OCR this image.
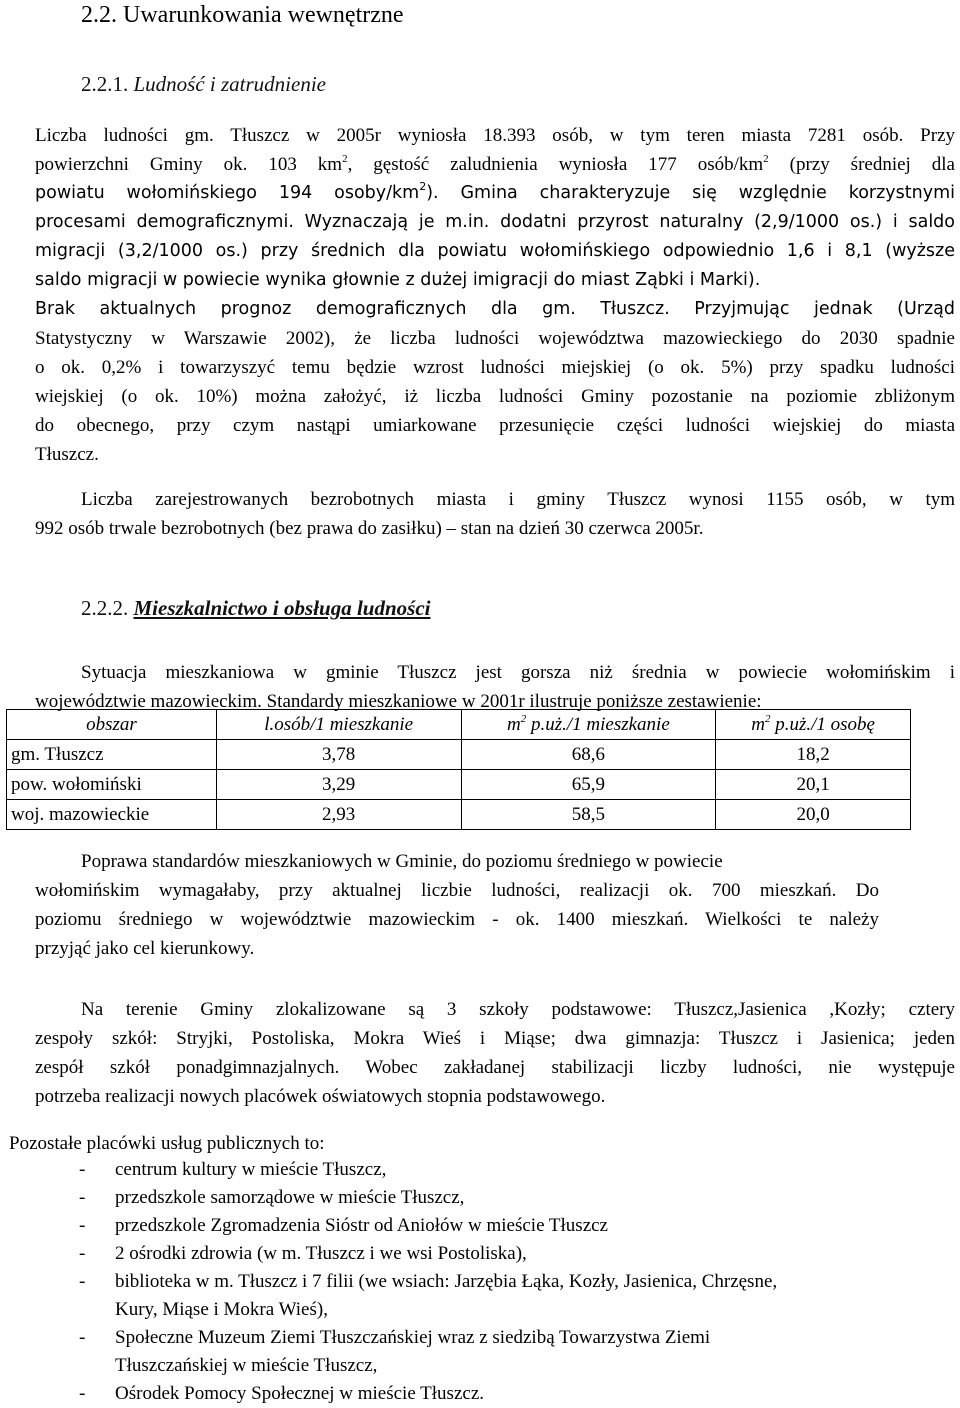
2.2. Uwarunkowania wewnętrzne
2.2.1. Ludność i zatrudnienie
Liczba ludności gm. Tłuszcz w 2005r wyniosła 18.393 osób, w tym teren miasta 7281 osób. Przy
powierzchni Gminy ok. 103 $km^2$, gęstość zaludnienia wyniosła 177 osób/$km^2$ (przy średniej dla
powiatu wołomińskiego 194 osoby/$km^2$). Gmina charakteryzuje się względnie korzystnymi
procesami demograficznymi. Wyznaczają je m.in. dodatni przyrost naturalny (2,9/1000 os.) i saldo
migracji (3,2/1000 os.) przy średnich dla powiatu wołomińskiego odpowiednio 1,6 i 8,1 (wyższe
saldo migracji w powiecie wynika głownie z dużej imigracji do miast Ząbki i Marki).
Brak aktualnych prognoz demograficznych dla gm. Tłuszcz. Przyjmując jednak (Urząd
Statystyczny w Warszawie 2002), że liczba ludności województwa mazowieckiego do 2030 spadnie
o ok. 0,2% i towarzyszyć temu będzie wzrost ludności miejskiej (o ok. 5%) przy spadku ludności
wiejskiej (o ok. 10%) można założyć, iż liczba ludności Gminy pozostanie na poziomie zbliżonym
do obecnego, przy czym nastąpi umiarkowane przesunięcie części ludności wiejskiej do miasta
Tłuszcz.
Liczba zarejestrowanych bezrobotnych miasta i gminy Tłuszcz wynosi 1155 osób, w tym
992 osób trwale bezrobotnych (bez prawa do zasiłku) – stan na dzień 30 czerwca 2005r.
2.2.2. Mieszkalnictwo i obsługa ludności
Sytuacja mieszkaniowa w gminie Tłuszcz jest gorsza niż średnia w powiecie wołomińskim i
województwie mazowieckim. Standardy mieszkaniowe w 2001r ilustruje poniższe zestawienie:
obszar	l.osób/1 mieszkanie	$m^2$ p.uż./1 mieszkanie	$m^2$ p.uż./1 osobę
gm. Tłuszcz	3,78	68,6	18,2
pow. wołomiński	3,29	65,9	20,1
woj. mazowieckie	2,93	58,5	20,0
Poprawa standardów mieszkaniowych w Gminie, do poziomu średniego w powiecie
wołomińskim wymagałaby, przy aktualnej liczbie ludności, realizacji ok. 700 mieszkań. Do
poziomu średniego w województwie mazowieckim - ok. 1400 mieszkań. Wielkości te należy
przyjąć jako cel kierunkowy.
Na terenie Gminy zlokalizowane są 3 szkoły podstawowe: Tłuszcz,Jasienica ,Kozły; cztery
zespoły szkół: Stryjki, Postoliska, Mokra Wieś i Miąse; dwa gimnazja: Tłuszcz i Jasienica; jeden
zespół szkół ponadgimnazjalnych. Wobec zakładanej stabilizacji liczby ludności, nie występuje
potrzeba realizacji nowych placówek oświatowych stopnia podstawowego.
Pozostałe placówki usług publicznych to:
- centrum kultury w mieście Tłuszcz,
- przedszkole samorządowe w mieście Tłuszcz,
- przedszkole Zgromadzenia Sióstr od Aniołów w mieście Tłuszcz
- 2 ośrodki zdrowia (w m. Tłuszcz i we wsi Postoliska),
- biblioteka w m. Tłuszcz i 7 filii (we wsiach: Jarzębia Łąka, Kozły, Jasienica, Chrzęsne,
Kury, Miąse i Mokra Wieś),
- Społeczne Muzeum Ziemi Tłuszczańskiej wraz z siedzibą Towarzystwa Ziemi
Tłuszczańskiej w mieście Tłuszcz,
- Ośrodek Pomocy Społecznej w mieście Tłuszcz.
